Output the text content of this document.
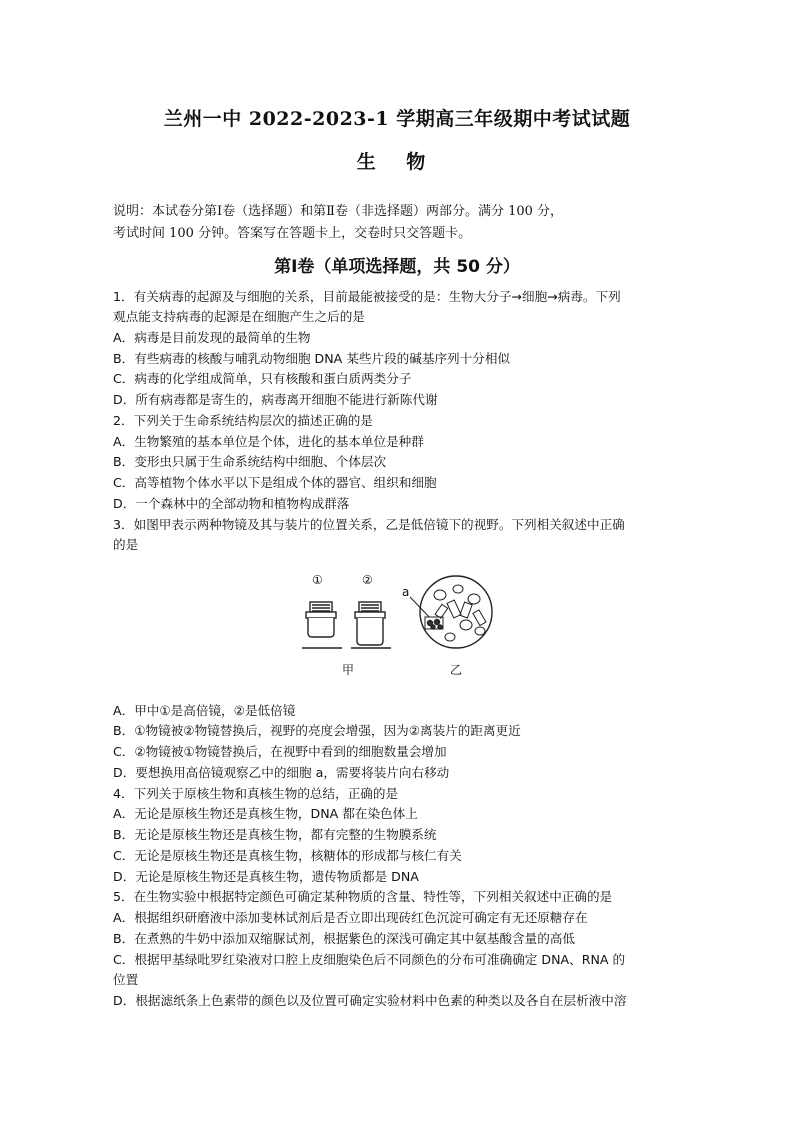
兰州一中 2022-2023-1 学期高三年级期中考试试题
生 物
说明：本试卷分第Ⅰ卷（选择题）和第Ⅱ卷（非选择题）两部分。满分 100 分，
考试时间 100 分钟。答案写在答题卡上，交卷时只交答题卡。
第Ⅰ卷（单项选择题，共 50 分）
1．有关病毒的起源及与细胞的关系，目前最能被接受的是：生物大分子→细胞→病毒。下列
观点能支持病毒的起源是在细胞产生之后的是
A．病毒是目前发现的最简单的生物
B．有些病毒的核酸与哺乳动物细胞 DNA 某些片段的碱基序列十分相似
C．病毒的化学组成简单，只有核酸和蛋白质两类分子
D．所有病毒都是寄生的，病毒离开细胞不能进行新陈代谢
2．下列关于生命系统结构层次的描述正确的是
A．生物繁殖的基本单位是个体，进化的基本单位是种群
B．变形虫只属于生命系统结构中细胞、个体层次
C．高等植物个体水平以下是组成个体的器官、组织和细胞
D．一个森林中的全部动物和植物构成群落
3．如图甲表示两种物镜及其与装片的位置关系，乙是低倍镜下的视野。下列相关叙述中正确
的是
①	②
a
甲	乙
A．甲中①是高倍镜，②是低倍镜
B．①物镜被②物镜替换后，视野的亮度会增强，因为②离装片的距离更近
C．②物镜被①物镜替换后，在视野中看到的细胞数量会增加
D．要想换用高倍镜观察乙中的细胞 a，需要将装片向右移动
4．下列关于原核生物和真核生物的总结，正确的是
A．无论是原核生物还是真核生物，DNA 都在染色体上
B．无论是原核生物还是真核生物，都有完整的生物膜系统
C．无论是原核生物还是真核生物，核糖体的形成都与核仁有关
D．无论是原核生物还是真核生物，遗传物质都是 DNA
5．在生物实验中根据特定颜色可确定某种物质的含量、特性等，下列相关叙述中正确的是
A．根据组织研磨液中添加斐林试剂后是否立即出现砖红色沉淀可确定有无还原糖存在
B．在煮熟的牛奶中添加双缩脲试剂，根据紫色的深浅可确定其中氨基酸含量的高低
C．根据甲基绿吡罗红染液对口腔上皮细胞染色后不同颜色的分布可准确确定 DNA、RNA 的
位置
D．根据滤纸条上色素带的颜色以及位置可确定实验材料中色素的种类以及各自在层析液中溶
